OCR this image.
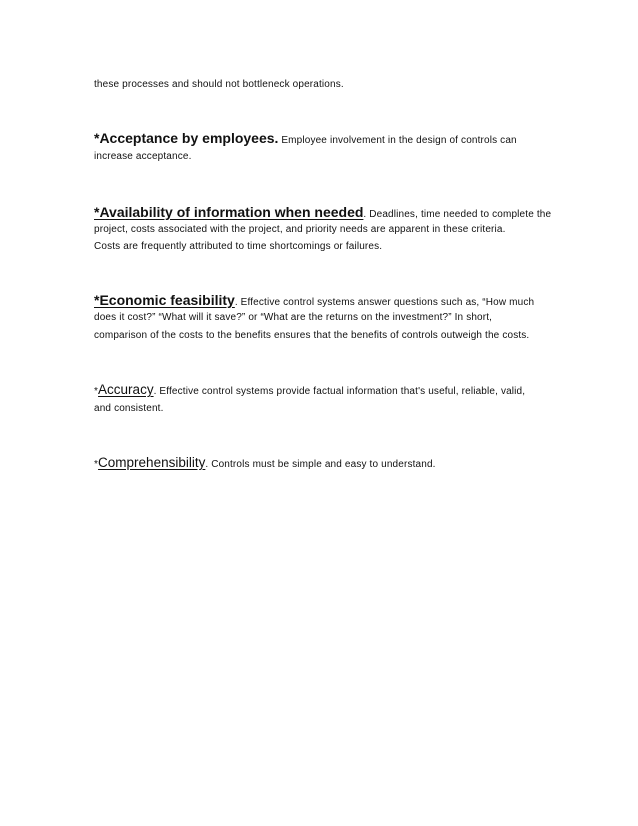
these processes and should not bottleneck operations.
*Acceptance by employees. Employee involvement in the design of controls can
increase acceptance.
*Availability of information when needed. Deadlines, time needed to complete the
project, costs associated with the project, and priority needs are apparent in these criteria.
Costs are frequently attributed to time shortcomings or failures.
*Economic feasibility. Effective control systems answer questions such as, “How much
does it cost?” “What will it save?” or “What are the returns on the investment?” In short,
comparison of the costs to the benefits ensures that the benefits of controls outweigh the costs.
*Accuracy. Effective control systems provide factual information that's useful, reliable, valid,
and consistent.
*Comprehensibility. Controls must be simple and easy to understand.
